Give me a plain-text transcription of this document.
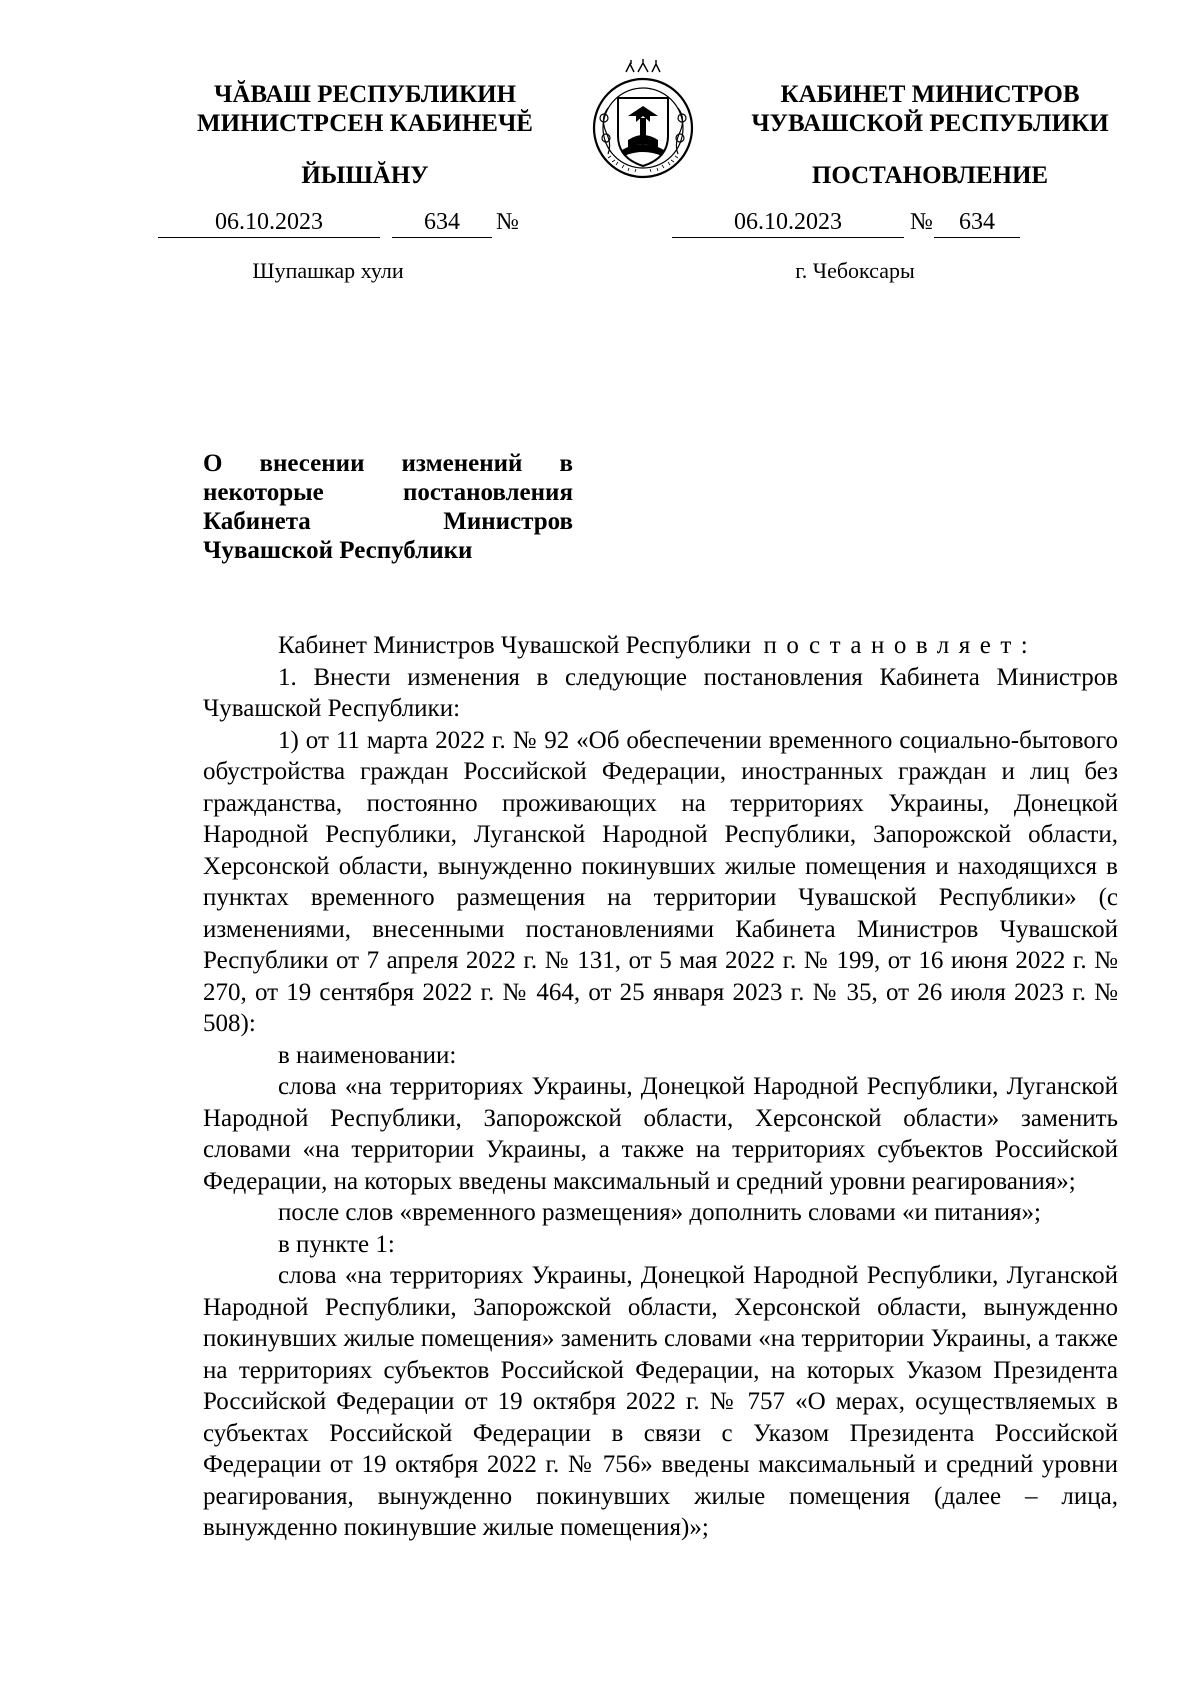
ЧĂВАШ РЕСПУБЛИКИН
МИНИСТРСЕН КАБИНЕЧĔ
ЙЫШĂНУ
КАБИНЕТ МИНИСТРОВ
ЧУВАШСКОЙ РЕСПУБЛИКИ
ПОСТАНОВЛЕНИЕ
06.10.2023	634	№	06.10.2023	№	634
Шупашкар хули	г. Чебоксары
О внесении изменений в некоторые постановления Кабинета Министров Чувашской Республики

Кабинет Министров Чувашской Республики постановляет:

1. Внести изменения в следующие постановления Кабинета Министров Чувашской Республики:

1) от 11 марта 2022 г. № 92 «Об обеспечении временного социально-бытового обустройства граждан Российской Федерации, иностранных граждан и лиц без гражданства, постоянно проживающих на территориях Украины, Донецкой Народной Республики, Луганской Народной Республики, Запорожской области, Херсонской области, вынужденно покинувших жилые помещения и находящихся в пунктах временного размещения на территории Чувашской Республики» (с изменениями, внесенными постановлениями Кабинета Министров Чувашской Республики от 7 апреля 2022 г. № 131, от 5 мая 2022 г. № 199, от 16 июня 2022 г. № 270, от 19 сентября 2022 г. № 464, от 25 января 2023 г. № 35, от 26 июля 2023 г. № 508):

в наименовании:

слова «на территориях Украины, Донецкой Народной Республики, Луганской Народной Республики, Запорожской области, Херсонской области» заменить словами «на территории Украины, а также на территориях субъектов Российской Федерации, на которых введены максимальный и средний уровни реагирования»;

после слов «временного размещения» дополнить словами «и питания»;

в пункте 1:

слова «на территориях Украины, Донецкой Народной Республики, Луганской Народной Республики, Запорожской области, Херсонской области, вынужденно покинувших жилые помещения» заменить словами «на территории Украины, а также на территориях субъектов Российской Федерации, на которых Указом Президента Российской Федерации от 19 октября 2022 г. № 757 «О мерах, осуществляемых в субъектах Российской Федерации в связи с Указом Президента Российской Федерации от 19 октября 2022 г. № 756» введены максимальный и средний уровни реагирования, вынужденно покинувших жилые помещения (далее – лица, вынужденно покинувшие жилые помещения)»;
